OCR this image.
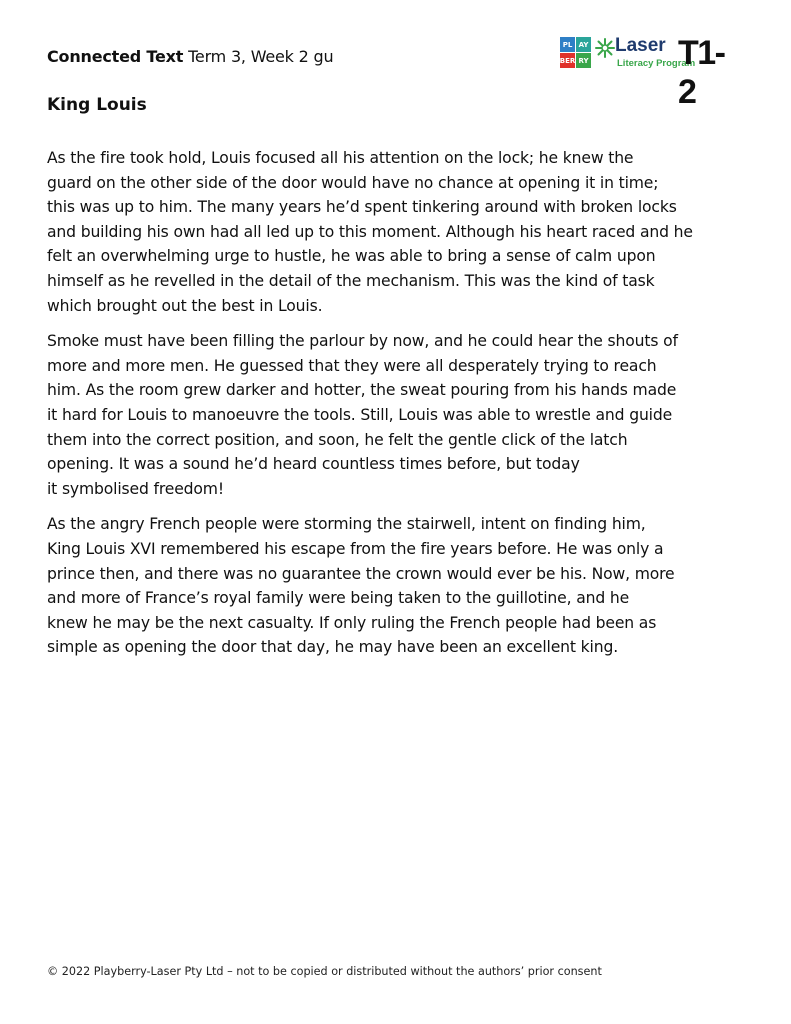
Connected Text Term 3, Week 2 gu
PL AY
BER RY
Laser
Literacy Program
T1-2
King Louis

As the fire took hold, Louis focused all his attention on the lock; he knew the
guard on the other side of the door would have no chance at opening it in time;
this was up to him. The many years he’d spent tinkering around with broken locks
and building his own had all led up to this moment. Although his heart raced and he
felt an overwhelming urge to hustle, he was able to bring a sense of calm upon
himself as he revelled in the detail of the mechanism. This was the kind of task
which brought out the best in Louis.

Smoke must have been filling the parlour by now, and he could hear the shouts of
more and more men. He guessed that they were all desperately trying to reach
him. As the room grew darker and hotter, the sweat pouring from his hands made
it hard for Louis to manoeuvre the tools. Still, Louis was able to wrestle and guide
them into the correct position, and soon, he felt the gentle click of the latch
opening. It was a sound he’d heard countless times before, but today
it symbolised freedom!

As the angry French people were storming the stairwell, intent on finding him,
King Louis XVI remembered his escape from the fire years before. He was only a
prince then, and there was no guarantee the crown would ever be his. Now, more
and more of France’s royal family were being taken to the guillotine, and he
knew he may be the next casualty. If only ruling the French people had been as
simple as opening the door that day, he may have been an excellent king.

© 2022 Playberry-Laser Pty Ltd – not to be copied or distributed without the authors’ prior consent
